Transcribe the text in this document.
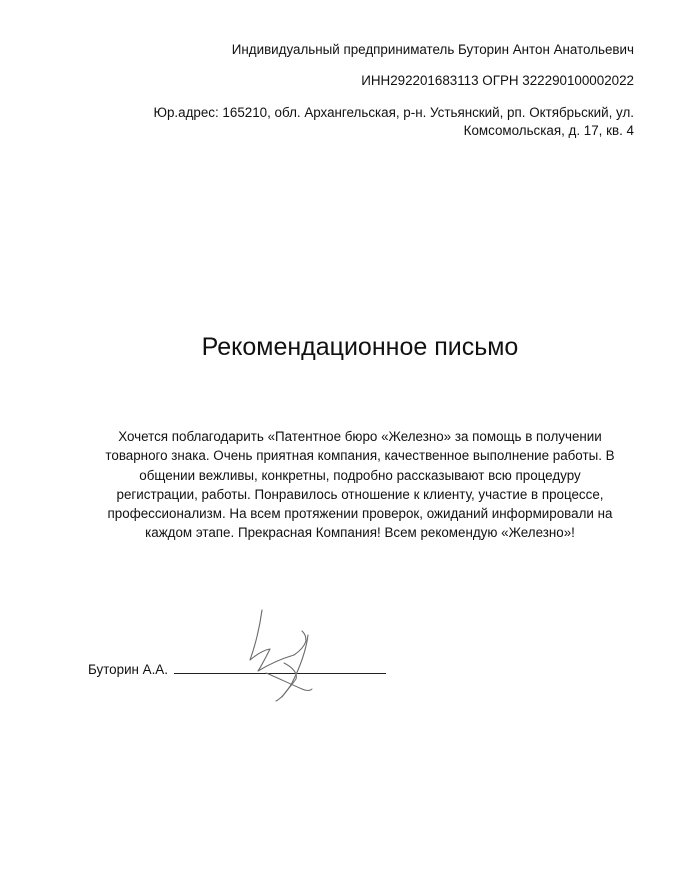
Индивидуальный предприниматель Буторин Антон Анатольевич
ИНН292201683113 ОГРН 322290100002022
Юр.адрес: 165210, обл. Архангельская, р-н. Устьянский, рп. Октябрьский, ул.
Комсомольская, д. 17, кв. 4
Рекомендационное письмо
Хочется поблагодарить «Патентное бюро «Железно» за помощь в получении
товарного знака. Очень приятная компания, качественное выполнение работы. В
общении вежливы, конкретны, подробно рассказывают всю процедуру
регистрации, работы. Понравилось отношение к клиенту, участие в процессе,
профессионализм. На всем протяжении проверок, ожиданий информировали на
каждом этапе. Прекрасная Компания! Всем рекомендую «Железно»!
Буторин А.А.
